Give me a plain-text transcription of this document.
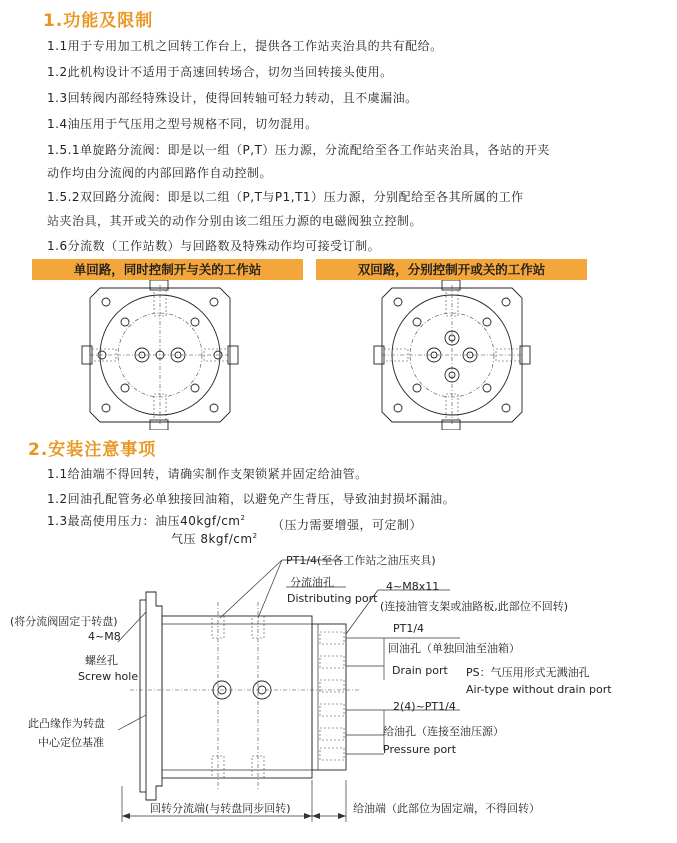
1.功能及限制
1.1用于专用加工机之回转工作台上，提供各工作站夹治具的共有配给。
1.2此机构设计不适用于高速回转场合，切勿当回转接头使用。
1.3回转阀内部经特殊设计，使得回转轴可轻力转动，且不虞漏油。
1.4油压用于气压用之型号规格不同，切勿混用。
1.5.1单旋路分流阀：即是以一组（P,T）压力源，分流配给至各工作站夹治具，各站的开夹
动作均由分流阀的内部回路作自动控制。
1.5.2双回路分流阀：即是以二组（P,T与P1,T1）压力源，分别配给至各其所属的工作
站夹治具，其开或关的动作分别由该二组压力源的电磁阀独立控制。
1.6分流数（工作站数）与回路数及特殊动作均可接受订制。
单回路，同时控制开与关的工作站	双回路，分别控制开或关的工作站
2.安装注意事项
1.1给油端不得回转，请确实制作支架锁紧并固定给油管。
1.2回油孔配管务必单独接回油箱，以避免产生背压，导致油封损坏漏油。
1.3最高使用压力：油压$40kgf/cm^2$ （压力需要增强，可定制）
气压 $8kgf/cm^2$
PT1/4(至各工作站之油压夹具)
分流油孔
Distributing port
4~M8x11
(连接油管支架或油路板,此部位不回转)
(将分流阀固定于转盘)
4~M8
螺丝孔
Screw hole
PT1/4
回油孔（单独回油至油箱）
Drain port PS：气压用形式无溅油孔
Air-type without drain port
2(4)~PT1/4
给油孔（连接至油压源）
Pressure port
此凸缘作为转盘
中心定位基准
回转分流端(与转盘同步回转)	给油端（此部位为固定端，不得回转）
